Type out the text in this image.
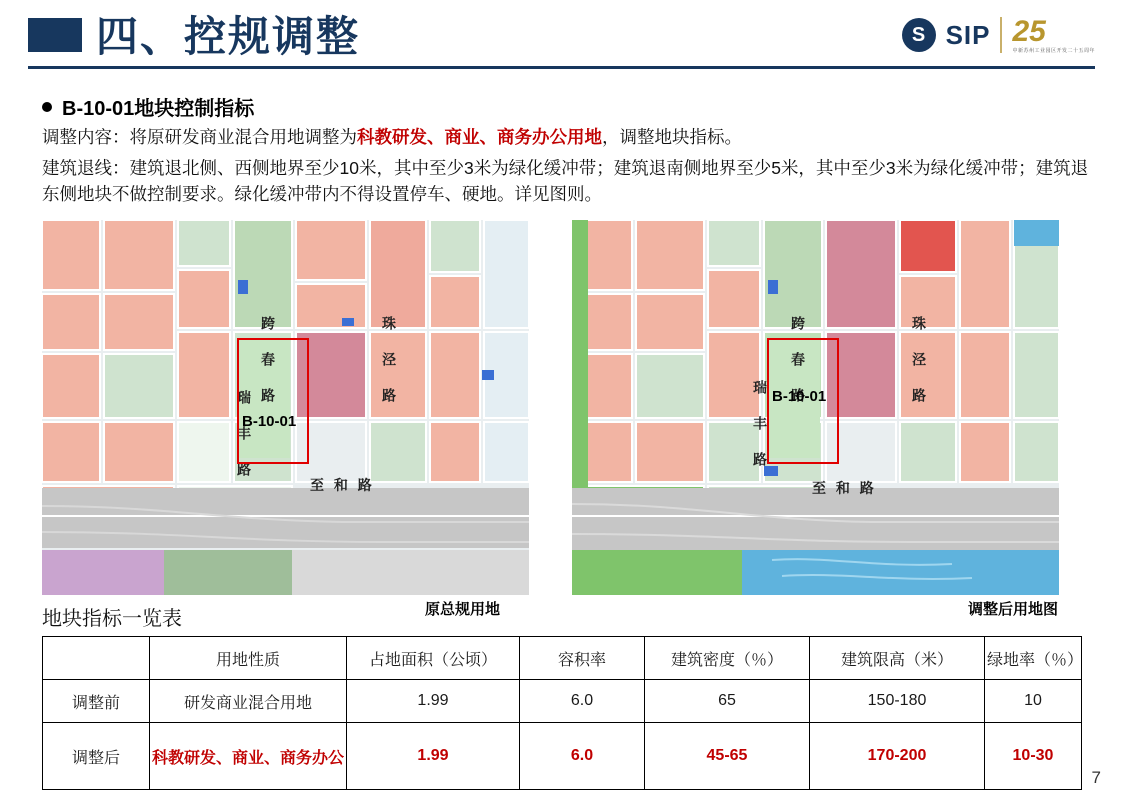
四、控规调整	S SIP 25
中新苏州工业园区开发二十五周年
B-10-01地块控制指标
调整内容：将原研发商业混合用地调整为科教研发、商业、商务办公用地，调整地块指标。
建筑退线：建筑退北侧、西侧地界至少10米，其中至少3米为绿化缓冲带；建筑退南侧地界至少5米，其中至少3米为绿化缓冲带；建筑退东侧地块不做控制要求。绿化缓冲带内不得设置停车、硬地。详见图则。
跨 春 路	珠 泾 路
瑞 丰 路
至 和 路
B-10-01
原总规用地
跨 春 路	珠 泾 路
瑞 丰 路
至 和 路
B-10-01
调整后用地图
地块指标一览表
	用地性质	占地面积（公顷）	容积率	建筑密度（％）	建筑限高（米）	绿地率（％）
调整前	研发商业混合用地	1.99	6.0	65	150-180	10
调整后	科教研发、商业、商务办公	1.99	6.0	45-65	170-200	10-30
7
